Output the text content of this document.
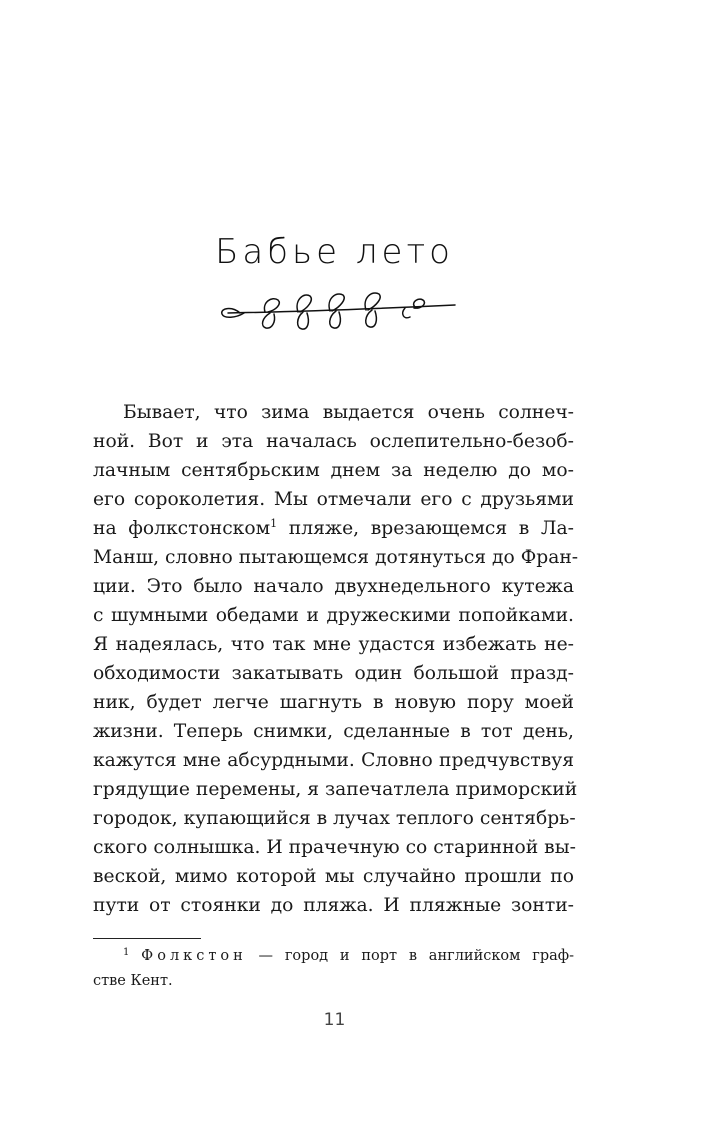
Бабье лето
Бывает, что зима выдается очень солнеч-
ной. Вот и эта началась ослепительно-безоб-
лачным сентябрьским днем за неделю до мо-
его сороколетия. Мы отмечали его с друзьями
на фолкстонском$^1$ пляже, врезающемся в Ла-
Манш, словно пытающемся дотянуться до Фран-
ции. Это было начало двухнедельного кутежа
с шумными обедами и дружескими попойками.
Я надеялась, что так мне удастся избежать не-
обходимости закатывать один большой празд-
ник, будет легче шагнуть в новую пору моей
жизни. Теперь снимки, сделанные в тот день,
кажутся мне абсурдными. Словно предчувствуя
грядущие перемены, я запечатлела приморский
городок, купающийся в лучах теплого сентябрь-
ского солнышка. И прачечную со старинной вы-
веской, мимо которой мы случайно прошли по
пути от стоянки до пляжа. И пляжные зонти-
$^1$ Фолкстон — город и порт в английском граф-
стве Кент.
11
